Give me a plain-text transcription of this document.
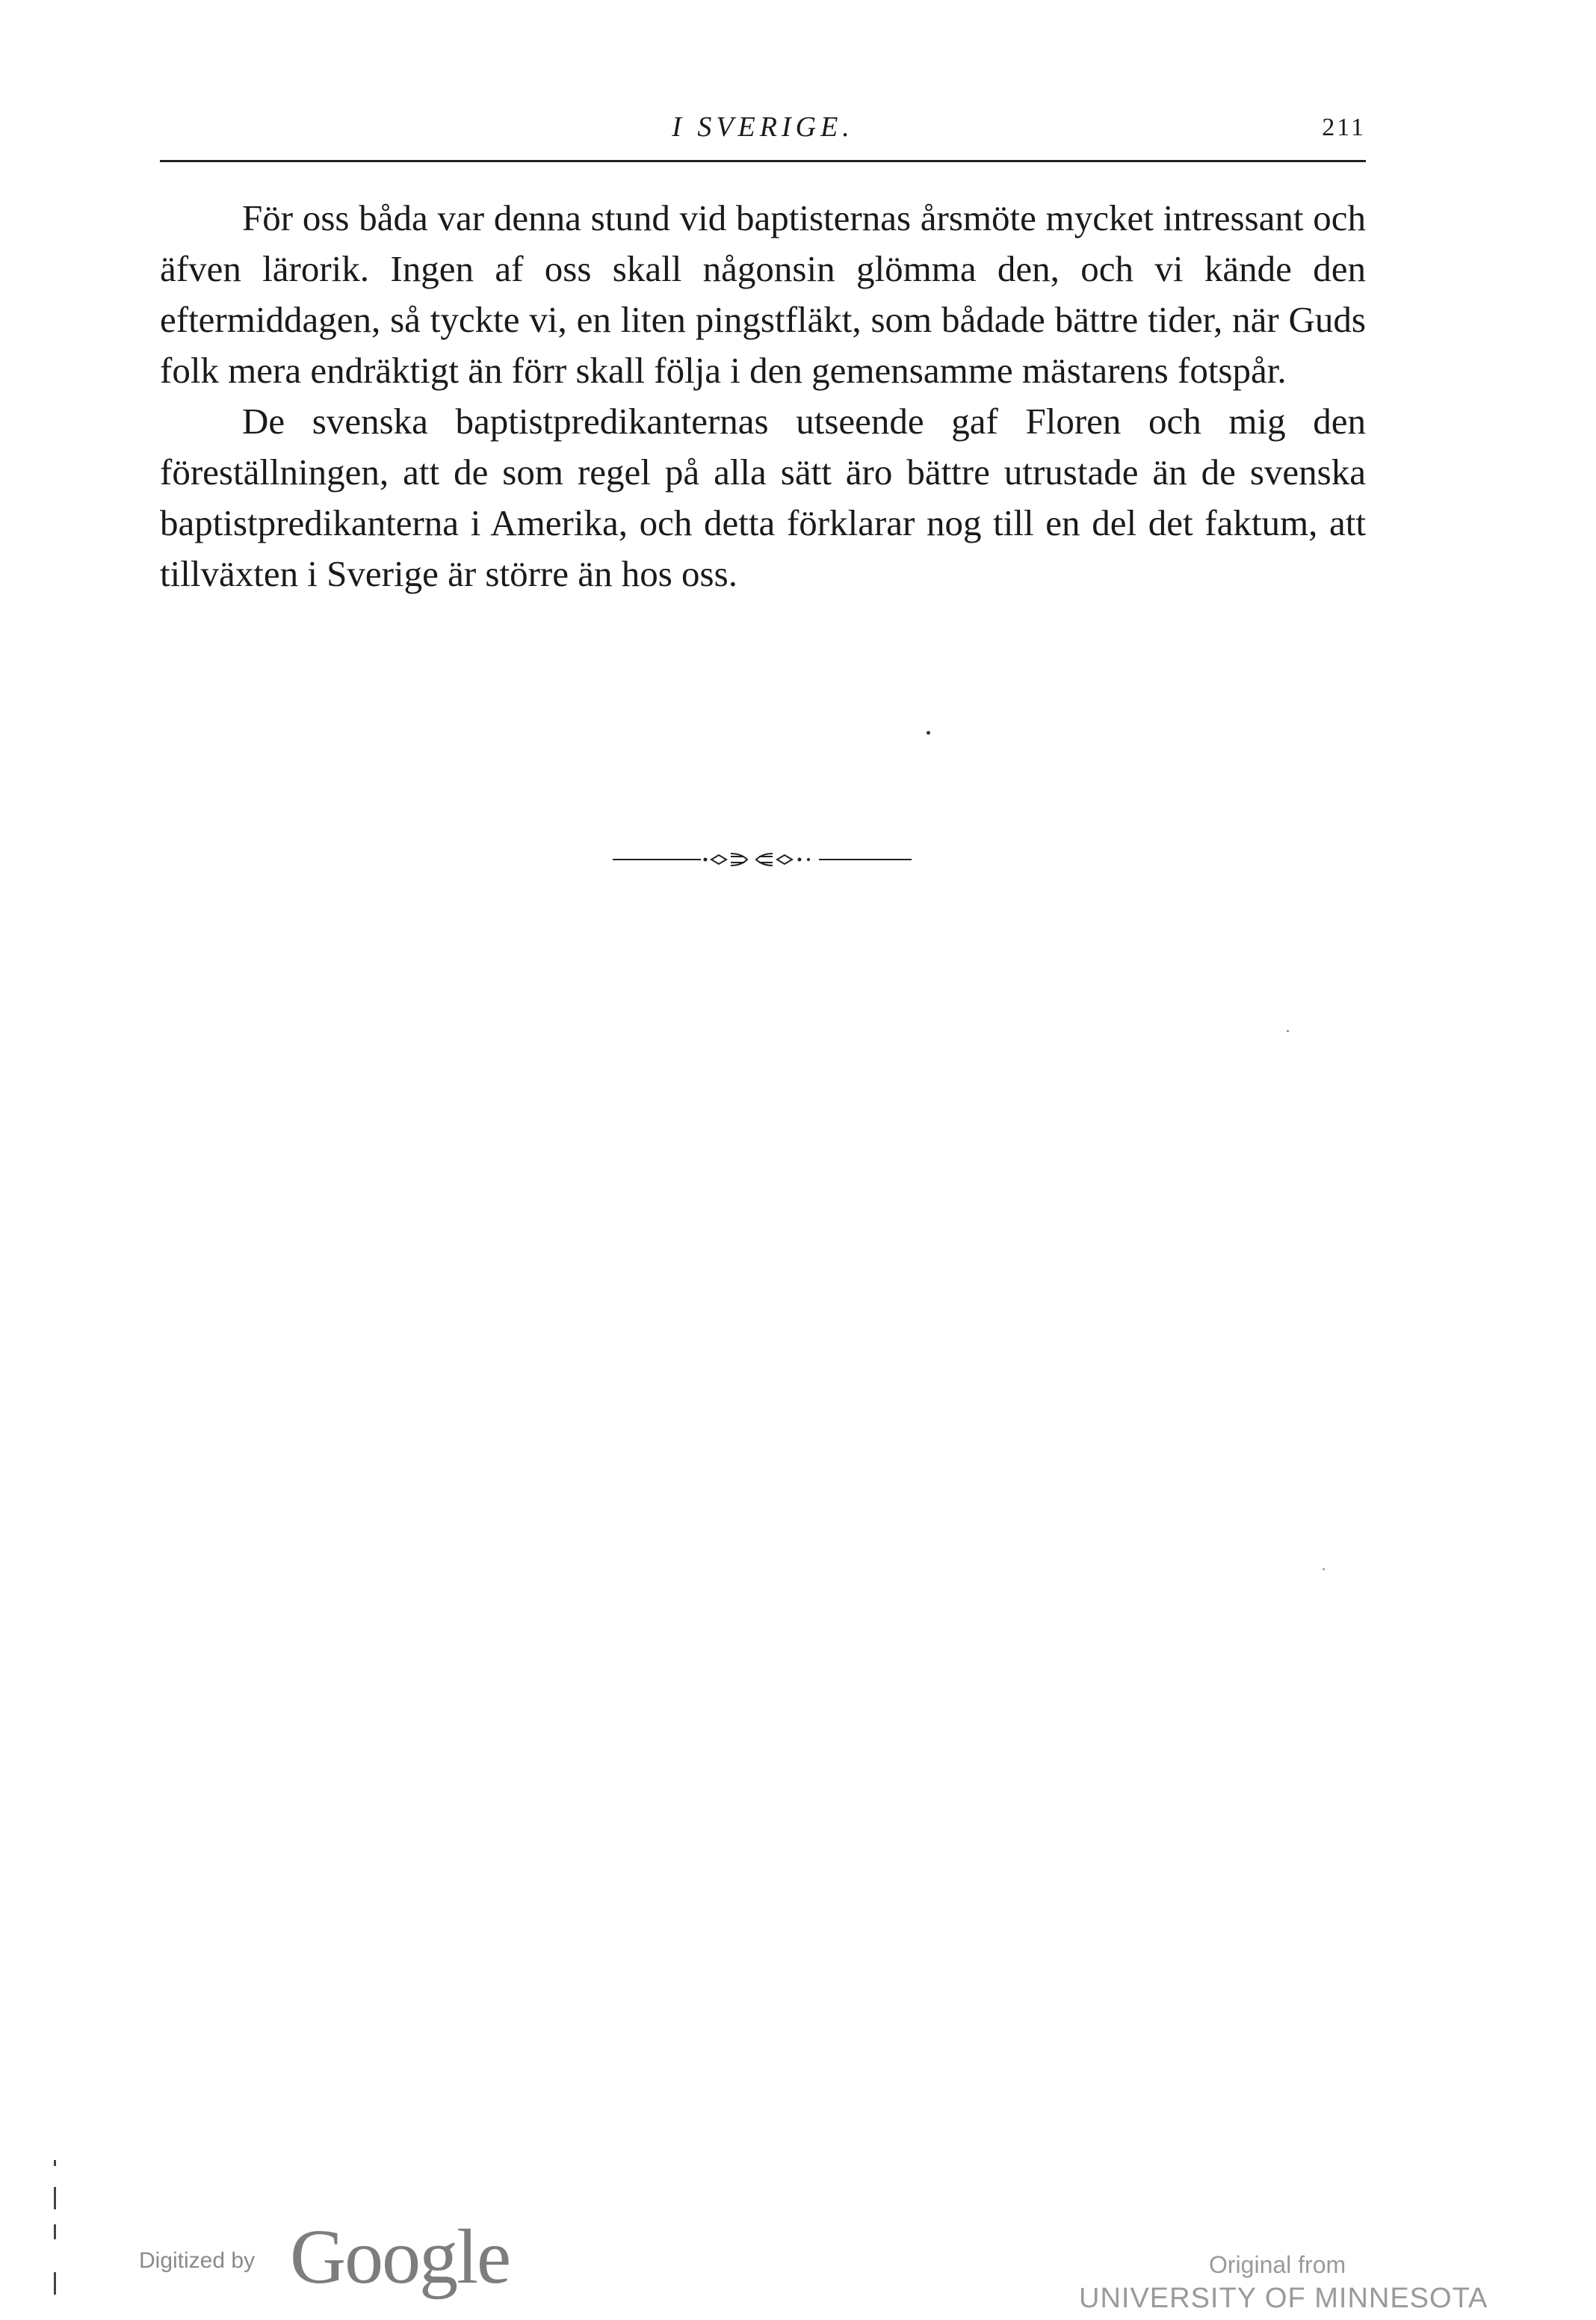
I SVERIGE.	211

För oss båda var denna stund vid baptisternas årsmöte mycket intressant och äfven lärorik. Ingen af oss skall någonsin glömma den, och vi kände den eftermiddagen, så tyckte vi, en liten pingstfläkt, som bådade bättre tider, när Guds folk mera endräktigt än förr skall följa i den gemensamme mästarens fotspår.

De svenska baptistpredikanternas utseende gaf Floren och mig den föreställningen, att de som regel på alla sätt äro bättre utrustade än de svenska baptistpredikanterna i Amerika, och detta förklarar nog till en del det faktum, att tillväxten i Sverige är större än hos oss.

Digitized by Google	Original from
UNIVERSITY OF MINNESOTA
